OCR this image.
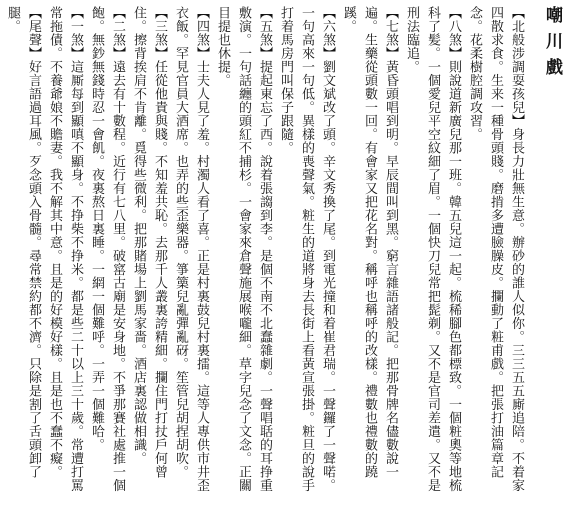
嘲川戲

【北般涉調耍孩兒】身長力壯無生意。辦砂的誰人似你。三三五五廝追陪。不着家四散求食。生来一種骨頭賤。磨掯多遭臉臊皮。攔動了粧甫戲。把張打油篇章記念。花柔樹腔調攻習。

【八煞】則說道新廣兒那一班。韓五兒這一起。梳稀腳色都標致。一個粧奧等地梳科了髪。一個愛兒平空紋細了眉。一個快刀兒常把髭剃。又不是官司差遣。又不是刑法臨追。

【七煞】黃昏頭唱到明。早辰間叫到黑。窮言雜語諸般記。把那骨牌名儘數說一遍。生藥從頭數一回。有會家又把花名對。稱呼也稱呼的改樣。禮數也禮數的蹺蹊。

【六煞】劉文斌改了頭。辛文秀換了尾。到電光撞和着崔君瑞。一聲鑼了一聲喏。一句高來一句低。異樣的喪聲氣。粧生的道將身去長街上看黃宣張掛。粧旦的說手打着馬房門叫保子跟隨。

【五煞】提起東忘了西。說着張謅到李。是個不南不北蠢雜劇。一聲唱聒的耳挣重敷演。一句話纏的頭紅不捕杉。一會家來倉聲施展喉嚨細。草字兒念了文念。正關目提也休提。

【四煞】士夫人見了羞。村濁人看了喜。正是村裏鼓兒村裏擂。這等人專供市井歪衣飯。罕見官員大酒席。也弄的些歪樂器。箏篥兒亂彈亂砑。笙管兒胡捏胡吹。

【三煞】任從他貴與賤。不知羞共恥。去那千人叢裏誇精細。攔住門打扙戶何曾住。擦背挨肩不肯離。覓得些微利。把那賭場上劉馬家嗇。酒店裏認做相識。

【二煞】遠去有十數程。近行有七八里。破窰古廟是安身地。不爭那賽社處推一個飽。無鈔無錢時忍一會飢。夜裏熬日裏睡。一網一個難呼。一弄一個難哈。

【一煞】這厮每到顯嗔不顯身。不挣柴不挣米。都是些二十以上三十歲。常遭打罵常拖債。不養爺娘不贍妻。我不解其中意。且是的好模好樣。且是也不蠢不癡。

【尾聲】好言語過耳風。歹念頭入骨髓。尋常禁約都不濟。只除是割了舌頭卸了腿。
